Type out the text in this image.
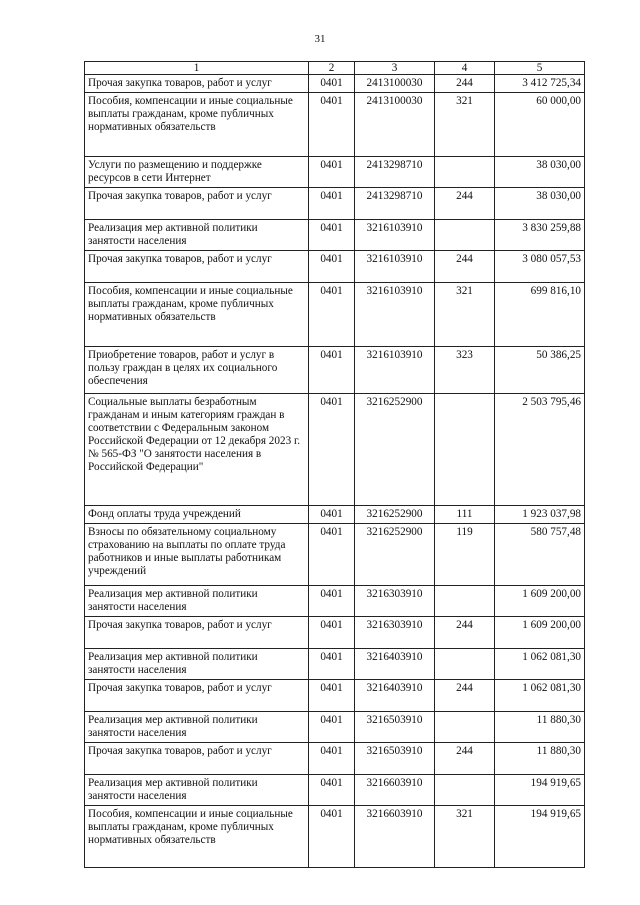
31
1	2	3	4	5
Прочая закупка товаров, работ и услуг	0401	2413100030	244	3 412 725,34
Пособия, компенсации и иные социальные выплаты гражданам, кроме публичных нормативных обязательств	0401	2413100030	321	60 000,00
Услуги по размещению и поддержке ресурсов в сети Интернет	0401	2413298710		38 030,00
Прочая закупка товаров, работ и услуг	0401	2413298710	244	38 030,00
Реализация мер активной политики занятости населения	0401	3216103910		3 830 259,88
Прочая закупка товаров, работ и услуг	0401	3216103910	244	3 080 057,53
Пособия, компенсации и иные социальные выплаты гражданам, кроме публичных нормативных обязательств	0401	3216103910	321	699 816,10
Приобретение товаров, работ и услуг в пользу граждан в целях их социального обеспечения	0401	3216103910	323	50 386,25
Социальные выплаты безработным гражданам и иным категориям граждан в соответствии с Федеральным законом Российской Федерации от 12 декабря 2023 г. № 565-ФЗ "О занятости населения в Российской Федерации"	0401	3216252900		2 503 795,46
Фонд оплаты труда учреждений	0401	3216252900	111	1 923 037,98
Взносы по обязательному социальному страхованию на выплаты по оплате труда работников и иные выплаты работникам учреждений	0401	3216252900	119	580 757,48
Реализация мер активной политики занятости населения	0401	3216303910		1 609 200,00
Прочая закупка товаров, работ и услуг	0401	3216303910	244	1 609 200,00
Реализация мер активной политики занятости населения	0401	3216403910		1 062 081,30
Прочая закупка товаров, работ и услуг	0401	3216403910	244	1 062 081,30
Реализация мер активной политики занятости населения	0401	3216503910		11 880,30
Прочая закупка товаров, работ и услуг	0401	3216503910	244	11 880,30
Реализация мер активной политики занятости населения	0401	3216603910		194 919,65
Пособия, компенсации и иные социальные выплаты гражданам, кроме публичных нормативных обязательств	0401	3216603910	321	194 919,65
